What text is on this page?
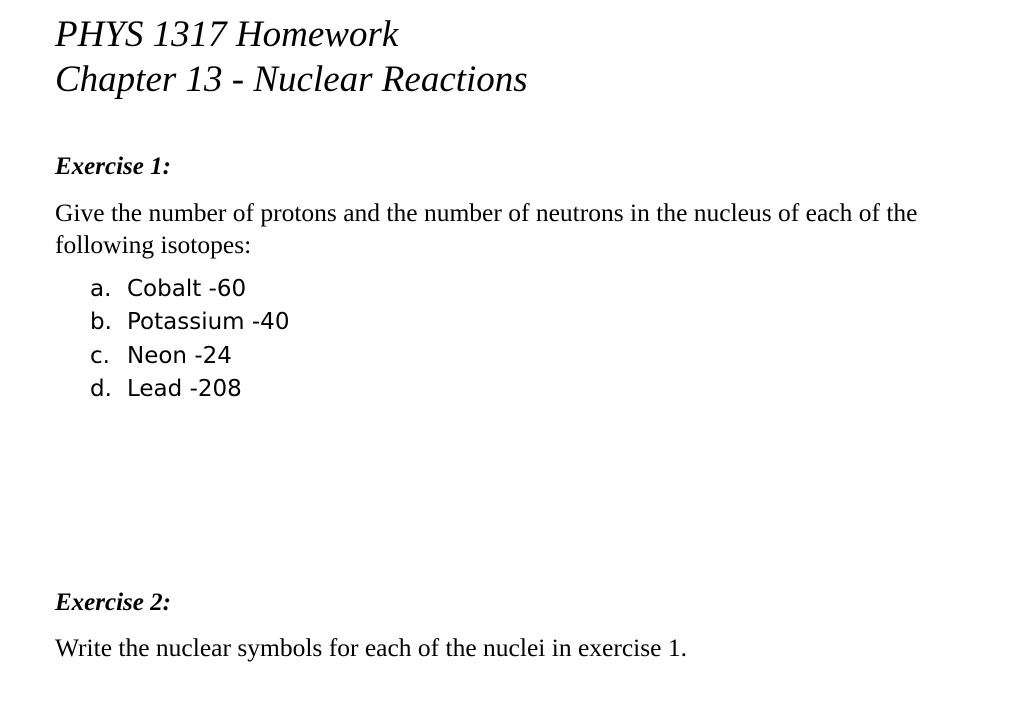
PHYS 1317 Homework
Chapter 13 - Nuclear Reactions
Exercise 1:
Give the number of protons and the number of neutrons in the nucleus of each of the following isotopes:
a. Cobalt -60
b. Potassium -40
c. Neon -24
d. Lead -208
Exercise 2:
Write the nuclear symbols for each of the nuclei in exercise 1.
